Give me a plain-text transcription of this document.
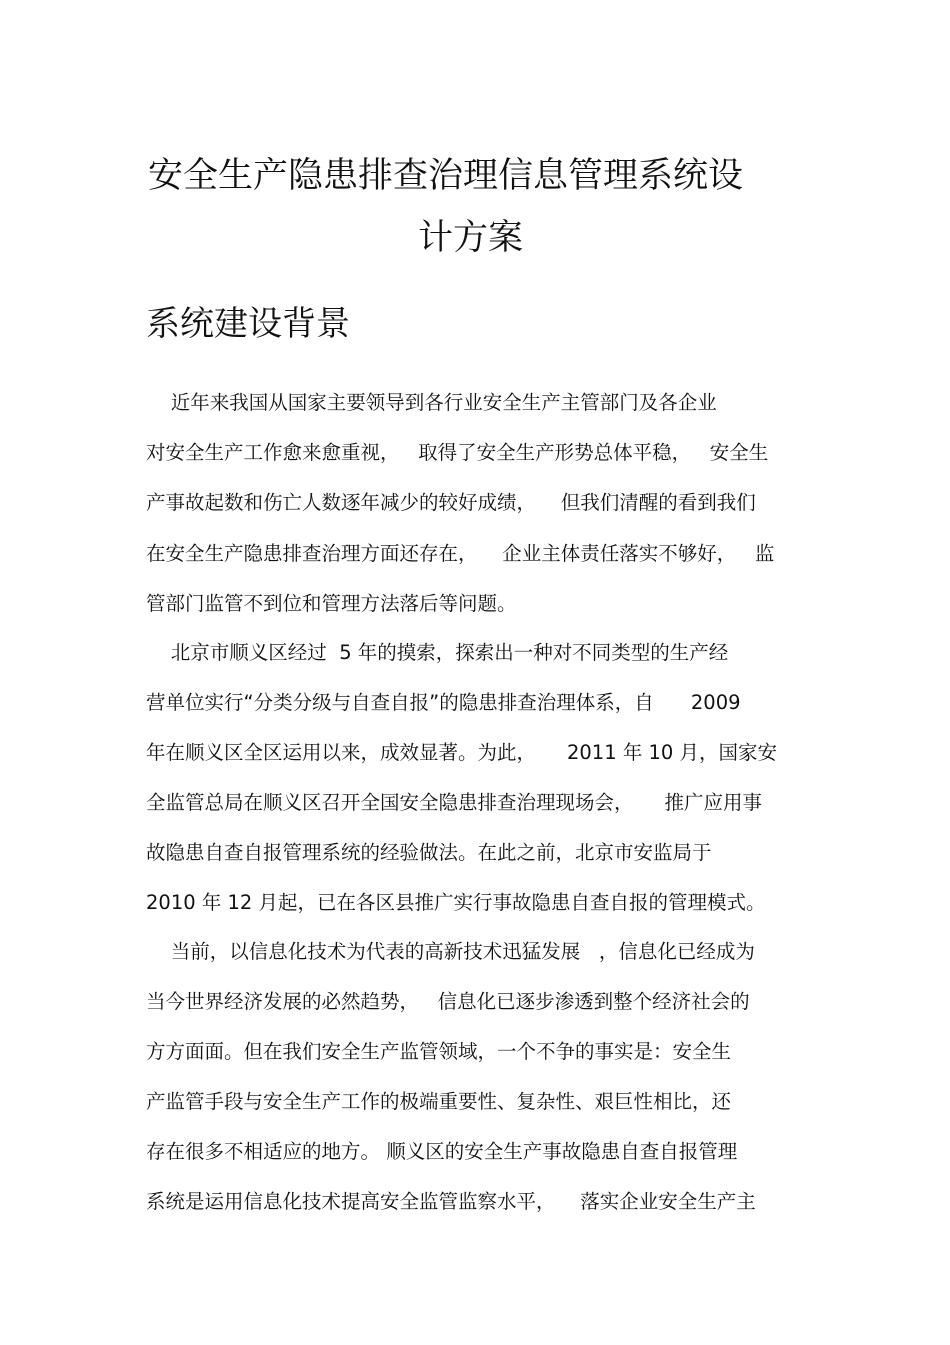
安全生产隐患排查治理信息管理系统设
计方案
系统建设背景

近年来我国从国家主要领导到各行业安全生产主管部门及各企业

对安全生产工作愈来愈重视，   取得了安全生产形势总体平稳，   安全生

产事故起数和伤亡人数逐年减少的较好成绩，    但我们清醒的看到我们

在安全生产隐患排查治理方面还存在，    企业主体责任落实不够好，   监

管部门监管不到位和管理方法落后等问题。

北京市顺义区经过  5 年的摸索，探索出一种对不同类型的生产经

营单位实行“分类分级与自查自报”的隐患排查治理体系，自      2009

年在顺义区全区运用以来，成效显著。为此，     2011 年 10 月，国家安

全监管总局在顺义区召开全国安全隐患排查治理现场会，     推广应用事

故隐患自查自报管理系统的经验做法。在此之前，北京市安监局于

2010 年 12 月起，已在各区县推广实行事故隐患自查自报的管理模式。

当前，以信息化技术为代表的高新技术迅猛发展   ，信息化已经成为

当今世界经济发展的必然趋势，   信息化已逐步渗透到整个经济社会的

方方面面。但在我们安全生产监管领域，一个不争的事实是：安全生

产监管手段与安全生产工作的极端重要性、复杂性、艰巨性相比，还

存在很多不相适应的地方。 顺义区的安全生产事故隐患自查自报管理

系统是运用信息化技术提高安全监管监察水平，    落实企业安全生产主
